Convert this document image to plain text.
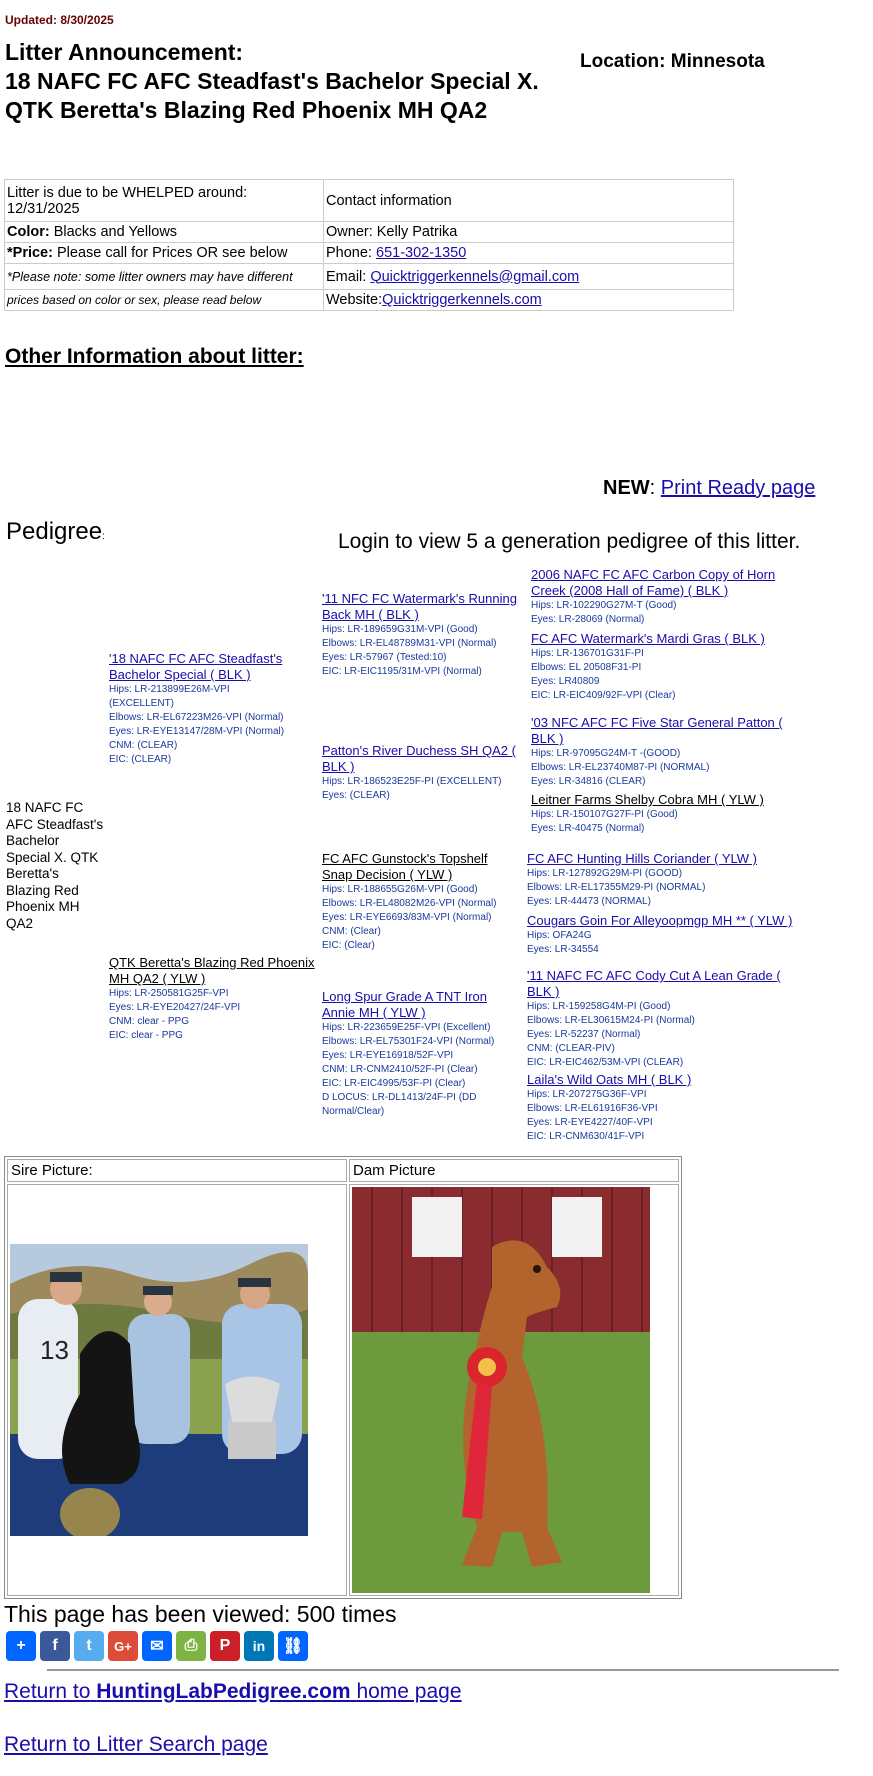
Updated: 8/30/2025
Litter Announcement:
18 NAFC FC AFC Steadfast's Bachelor Special X.
QTK Beretta's Blazing Red Phoenix MH QA2
Location: Minnesota
Litter is due to be WHELPED around: 12/31/2025	Contact information
Color: Blacks and Yellows	Owner: Kelly Patrika
*Price: Please call for Prices OR see below	Phone: 651-302-1350
*Please note: some litter owners may have different	Email: Quicktriggerkennels@gmail.com
prices based on color or sex, please read below	Website:Quicktriggerkennels.com
Other Information about litter:
NEW: Print Ready page
Pedigree:	Login to view 5 a generation pedigree of this litter.
18 NAFC FC AFC Steadfast's Bachelor Special X. QTK Beretta's Blazing Red Phoenix MH QA2
'18 NAFC FC AFC Steadfast's Bachelor Special ( BLK )
Hips: LR-213899E26M-VPI (EXCELLENT)
Elbows: LR-EL67223M26-VPI (Normal)
Eyes: LR-EYE13147/28M-VPI (Normal)
CNM: (CLEAR)
EIC: (CLEAR)
QTK Beretta's Blazing Red Phoenix MH QA2 ( YLW )
Hips: LR-250581G25F-VPI
Eyes: LR-EYE20427/24F-VPI
CNM: clear - PPG
EIC: clear - PPG
'11 NFC FC Watermark's Running Back MH ( BLK )
Hips: LR-189659G31M-VPI (Good)
Elbows: LR-EL48789M31-VPI (Normal)
Eyes: LR-57967 (Tested:10)
EIC: LR-EIC1195/31M-VPI (Normal)
Patton's River Duchess SH QA2 ( BLK )
Hips: LR-186523E25F-PI (EXCELLENT)
Eyes: (CLEAR)
FC AFC Gunstock's Topshelf Snap Decision ( YLW )
Hips: LR-188655G26M-VPI (Good)
Elbows: LR-EL48082M26-VPI (Normal)
Eyes: LR-EYE6693/83M-VPI (Normal)
CNM: (Clear)
EIC: (Clear)
Long Spur Grade A TNT Iron Annie MH ( YLW )
Hips: LR-223659E25F-VPI (Excellent)
Elbows: LR-EL75301F24-VPI (Normal)
Eyes: LR-EYE16918/52F-VPI
CNM: LR-CNM2410/52F-PI (Clear)
EIC: LR-EIC4995/53F-PI (Clear)
D LOCUS: LR-DL1413/24F-PI (DD Normal/Clear)
2006 NAFC FC AFC Carbon Copy of Horn Creek (2008 Hall of Fame) ( BLK )
Hips: LR-102290G27M-T (Good)
Eyes: LR-28069 (Normal)
FC AFC Watermark's Mardi Gras ( BLK )
Hips: LR-136701G31F-PI
Elbows: EL 20508F31-PI
Eyes: LR40809
EIC: LR-EIC409/92F-VPI (Clear)
'03 NFC AFC FC Five Star General Patton ( BLK )
Hips: LR-97095G24M-T -(GOOD)
Elbows: LR-EL23740M87-PI (NORMAL)
Eyes: LR-34816 (CLEAR)
Leitner Farms Shelby Cobra MH ( YLW )
Hips: LR-150107G27F-PI (Good)
Eyes: LR-40475 (Normal)
FC AFC Hunting Hills Coriander ( YLW )
Hips: LR-127892G29M-PI (GOOD)
Elbows: LR-EL17355M29-PI (NORMAL)
Eyes: LR-44473 (NORMAL)
Cougars Goin For Alleyoopmgp MH ** ( YLW )
Hips: OFA24G
Eyes: LR-34554
'11 NAFC FC AFC Cody Cut A Lean Grade ( BLK )
Hips: LR-159258G4M-PI (Good)
Elbows: LR-EL30615M24-PI (Normal)
Eyes: LR-52237 (Normal)
CNM: (CLEAR-PIV)
EIC: LR-EIC462/53M-VPI (CLEAR)
Laila's Wild Oats MH ( BLK )
Hips: LR-207275G36F-VPI
Elbows: LR-EL61916F36-VPI
Eyes: LR-EYE4227/40F-VPI
EIC: LR-CNM630/41F-VPI
Sire Picture:	Dam Picture

13

This page has been viewed: 500 times
+	f	t	G+	✉	⎙	P	in	⛓
Return to HuntingLabPedigree.com home page
Return to Litter Search page
